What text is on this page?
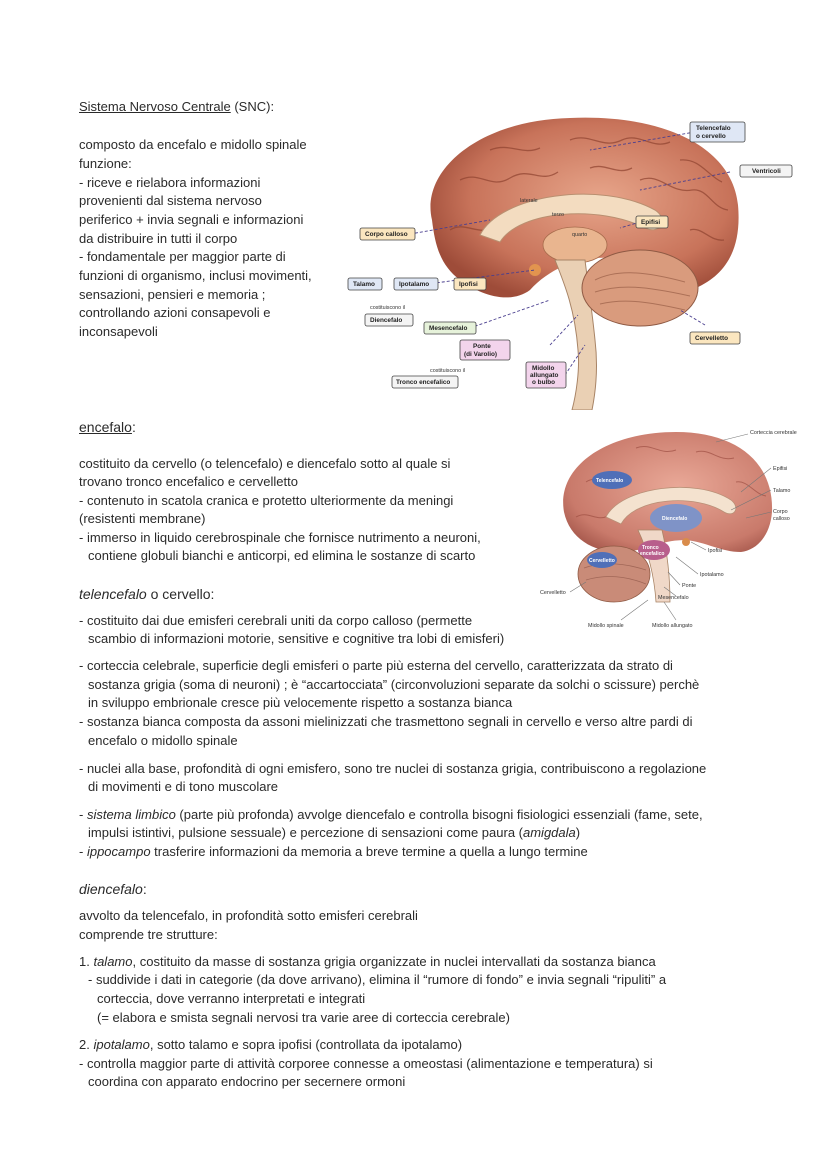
Sistema Nervoso Centrale (SNC):
composto da encefalo e midollo spinale
funzione:
- riceve e rielabora informazioni
provenienti dal sistema nervoso
periferico + invia segnali e informazioni
da distribuire in tutti il corpo
- fondamentale per maggior parte di
funzioni di organismo, inclusi movimenti,
sensazioni, pensieri e memoria ;
controllando azioni consapevoli e
inconsapevoli
Telencefalo
o cervello
Ventricoli
Corpo calloso
Epifisi
Talamo	Ipotalamo	Ipofisi
Diencefalo
Mesencefalo
Ponte
(di Varolio)
Midollo
allungato
o bulbo
Cervelletto
Tronco encefalico
costituiscono il
costituiscono il
laterale
terzo
quarto
encefalo:
costituito da cervello (o telencefalo) e diencefalo sotto al quale si
trovano tronco encefalico e cervelletto
- contenuto in scatola cranica e protetto ulteriormente da meningi
(resistenti membrane)
- immerso in liquido cerebrospinale che fornisce nutrimento a neuroni,
contiene globuli bianchi e anticorpi, ed elimina le sostanze di scarto
Corteccia cerebrale
Epifisi
Talamo
Corpo
calloso
Ipofisi
Ipotalamo
Ponte
Mesencefalo
Cervelletto
Midollo spinale	Midollo allungato
Telencefalo
Diencefalo
Tronco
encefalico
Cervelletto
telencefalo o cervello:
- costituito dai due emisferi cerebrali uniti da corpo calloso (permette
scambio di informazioni motorie, sensitive e cognitive tra lobi di emisferi)
- corteccia celebrale, superficie degli emisferi o parte più esterna del cervello, caratterizzata da strato di
sostanza grigia (soma di neuroni) ; è “accartocciata” (circonvoluzioni separate da solchi o scissure) perchè
in sviluppo embrionale cresce più velocemente rispetto a sostanza bianca
- sostanza bianca composta da assoni mielinizzati che trasmettono segnali in cervello e verso altre pardi di
encefalo o midollo spinale
- nuclei alla base, profondità di ogni emisfero, sono tre nuclei di sostanza grigia, contribuiscono a regolazione
di movimenti e di tono muscolare
- sistema limbico (parte più profonda) avvolge diencefalo e controlla bisogni fisiologici essenziali (fame, sete,
impulsi istintivi, pulsione sessuale) e percezione di sensazioni come paura (amigdala)
- ippocampo trasferire informazioni da memoria a breve termine a quella a lungo termine
diencefalo:
avvolto da telencefalo, in profondità sotto emisferi cerebrali
comprende tre strutture:
1. talamo, costituito da masse di sostanza grigia organizzate in nuclei intervallati da sostanza bianca
- suddivide i dati in categorie (da dove arrivano), elimina il “rumore di fondo” e invia segnali “ripuliti” a
corteccia, dove verranno interpretati e integrati
(= elabora e smista segnali nervosi tra varie aree di corteccia cerebrale)
2. ipotalamo, sotto talamo e sopra ipofisi (controllata da ipotalamo)
- controlla maggior parte di attività corporee connesse a omeostasi (alimentazione e temperatura) si
coordina con apparato endocrino per secernere ormoni
